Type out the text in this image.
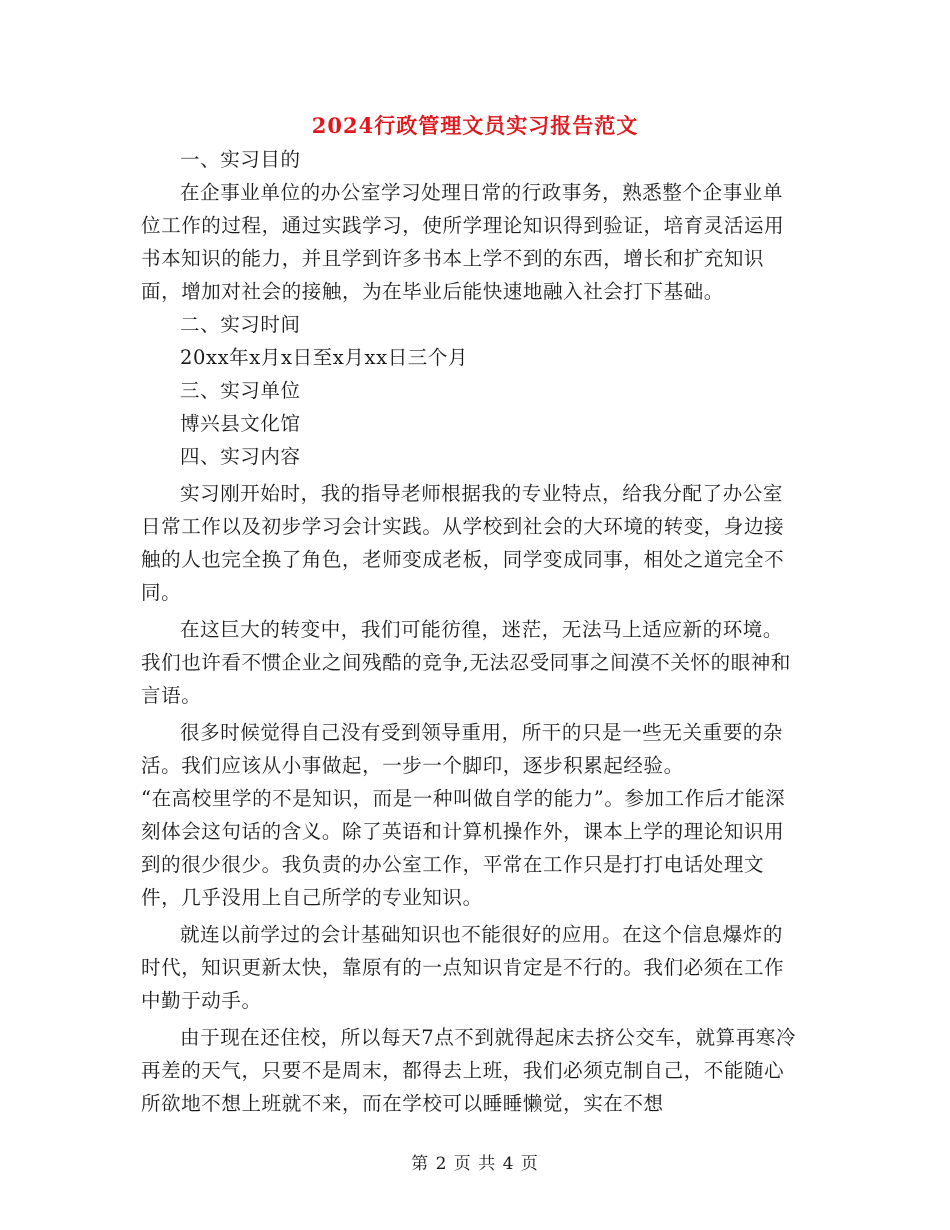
2024行政管理文员实习报告范文

一、实习目的

在企事业单位的办公室学习处理日常的行政事务，熟悉整个企事业单位工作的过程，通过实践学习，使所学理论知识得到验证，培育灵活运用书本知识的能力，并且学到许多书本上学不到的东西，增长和扩充知识面，增加对社会的接触，为在毕业后能快速地融入社会打下基础。

二、实习时间

20xx年x月x日至x月xx日三个月

三、实习单位

博兴县文化馆

四、实习内容

实习刚开始时，我的指导老师根据我的专业特点，给我分配了办公室日常工作以及初步学习会计实践。从学校到社会的大环境的转变，身边接触的人也完全换了角色，老师变成老板，同学变成同事，相处之道完全不同。

在这巨大的转变中，我们可能彷徨，迷茫，无法马上适应新的环境。我们也许看不惯企业之间残酷的竞争,无法忍受同事之间漠不关怀的眼神和言语。

很多时候觉得自己没有受到领导重用，所干的只是一些无关重要的杂活。我们应该从小事做起，一步一个脚印，逐步积累起经验。

“在高校里学的不是知识，而是一种叫做自学的能力”。参加工作后才能深刻体会这句话的含义。除了英语和计算机操作外，课本上学的理论知识用到的很少很少。我负责的办公室工作，平常在工作只是打打电话处理文件，几乎没用上自己所学的专业知识。

就连以前学过的会计基础知识也不能很好的应用。在这个信息爆炸的时代，知识更新太快，靠原有的一点知识肯定是不行的。我们必须在工作中勤于动手。

由于现在还住校，所以每天7点不到就得起床去挤公交车，就算再寒冷再差的天气，只要不是周末，都得去上班，我们必须克制自己，不能随心所欲地不想上班就不来，而在学校可以睡睡懒觉，实在不想

第 2 页 共 4 页
